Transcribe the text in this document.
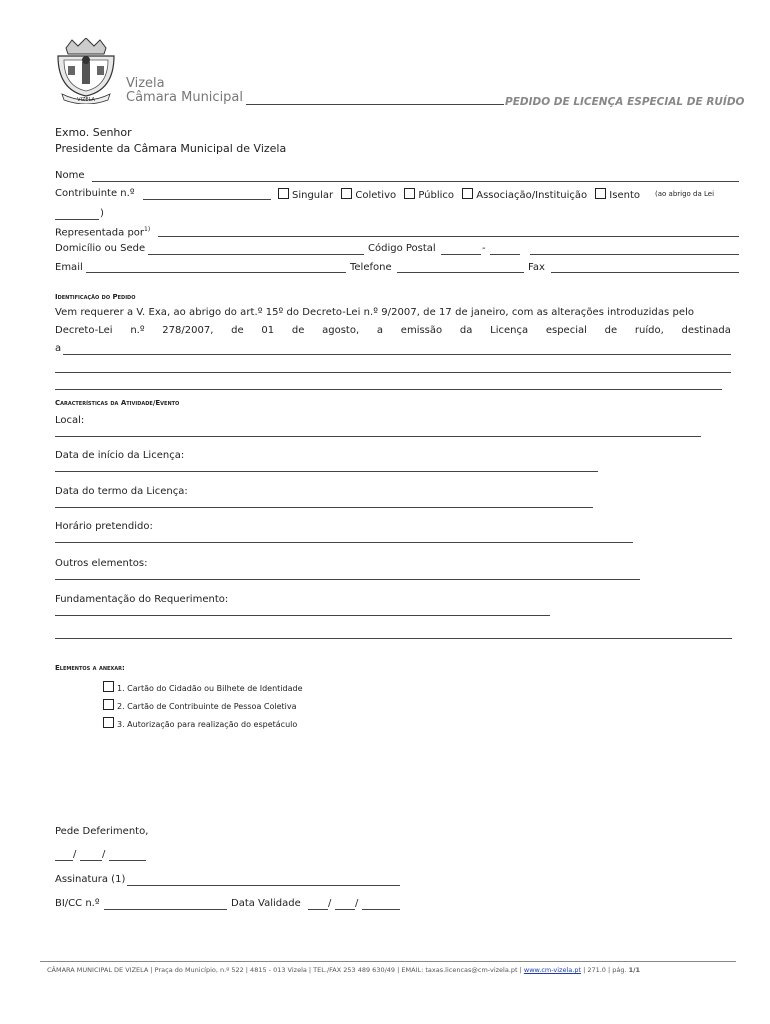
VIZELA
Vizela
Câmara Municipal	PEDIDO DE LICENÇA ESPECIAL DE RUÍDO
Exmo. Senhor
Presidente da Câmara Municipal de Vizela
Nome
Contribuinte n.º	Singular Coletivo Público Associação/Instituição Isento (ao abrigo da Lei
)
Representada por$^{1)}$
Domicílio ou Sede	Código Postal	-
Email	Telefone	Fax
Identificação do Pedido
Vem requerer a V. Exa, ao abrigo do art.º 15º do Decreto-Lei n.º 9/2007, de 17 de janeiro, com as alterações introduzidas pelo
Decreto-Lei n.º 278/2007, de 01 de agosto, a emissão da Licença especial de ruído, destinada
a
Características da Atividade/Evento
Local:
Data de início da Licença:
Data do termo da Licença:
Horário pretendido:
Outros elementos:
Fundamentação do Requerimento:
Elementos a anexar:
1. Cartão do Cidadão ou Bilhete de Identidade
2. Cartão de Contribuinte de Pessoa Coletiva
3. Autorização para realização do espetáculo
Pede Deferimento,
/	/
Assinatura (1)
BI/CC n.º	Data Validade	/ /
CÂMARA MUNICIPAL DE VIZELA | Praça do Município, n.º 522 | 4815 - 013 Vizela | TEL./FAX 253 489 630/49 | EMAIL: taxas.licencas@cm-vizela.pt | www.cm-vizela.pt | 271.0 | pág. 1/1
